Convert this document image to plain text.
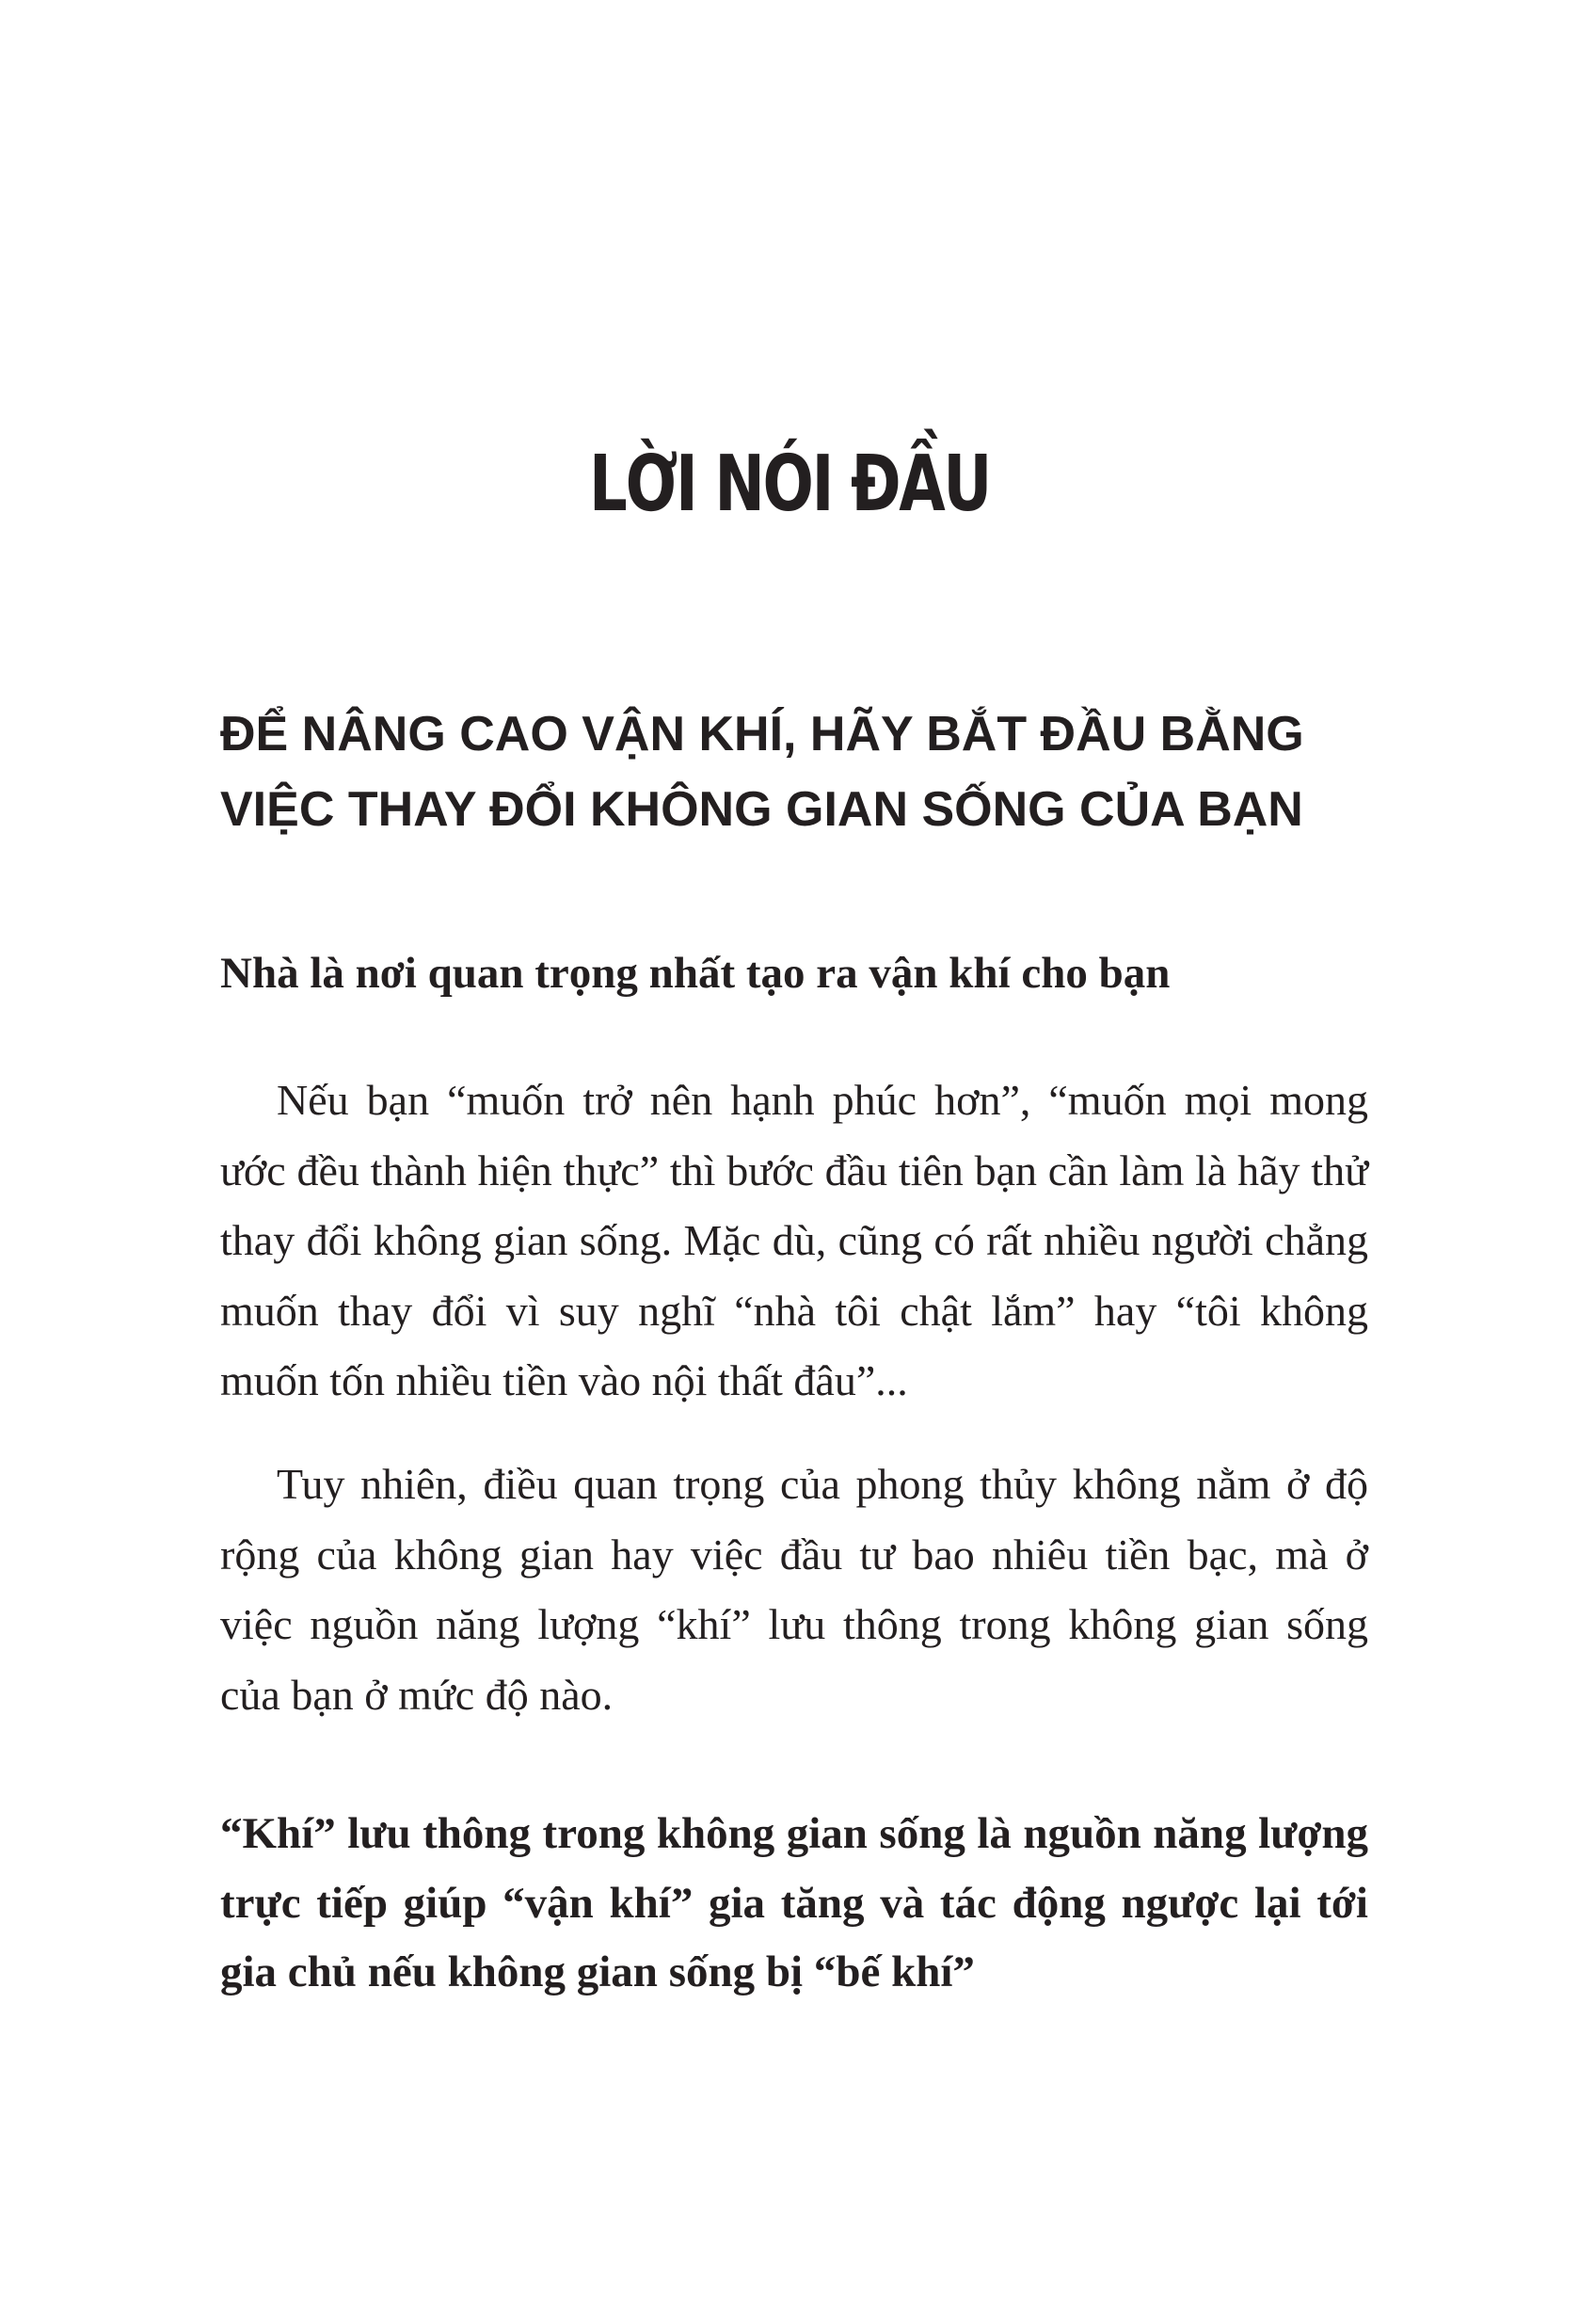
LỜI NÓI ĐẦU
ĐỂ NÂNG CAO VẬN KHÍ, HÃY BẮT ĐẦU BẰNG VIỆC THAY ĐỔI KHÔNG GIAN SỐNG CỦA BẠN
Nhà là nơi quan trọng nhất tạo ra vận khí cho bạn

Nếu bạn “muốn trở nên hạnh phúc hơn”, “muốn mọi mong ước đều thành hiện thực” thì bước đầu tiên bạn cần làm là hãy thử thay đổi không gian sống. Mặc dù, cũng có rất nhiều người chẳng muốn thay đổi vì suy nghĩ “nhà tôi chật lắm” hay “tôi không muốn tốn nhiều tiền vào nội thất đâu”...

Tuy nhiên, điều quan trọng của phong thủy không nằm ở độ rộng của không gian hay việc đầu tư bao nhiêu tiền bạc, mà ở việc nguồn năng lượng “khí” lưu thông trong không gian sống của bạn ở mức độ nào.

“Khí” lưu thông trong không gian sống là nguồn năng lượng trực tiếp giúp “vận khí” gia tăng và tác động ngược lại tới gia chủ nếu không gian sống bị “bế khí”
